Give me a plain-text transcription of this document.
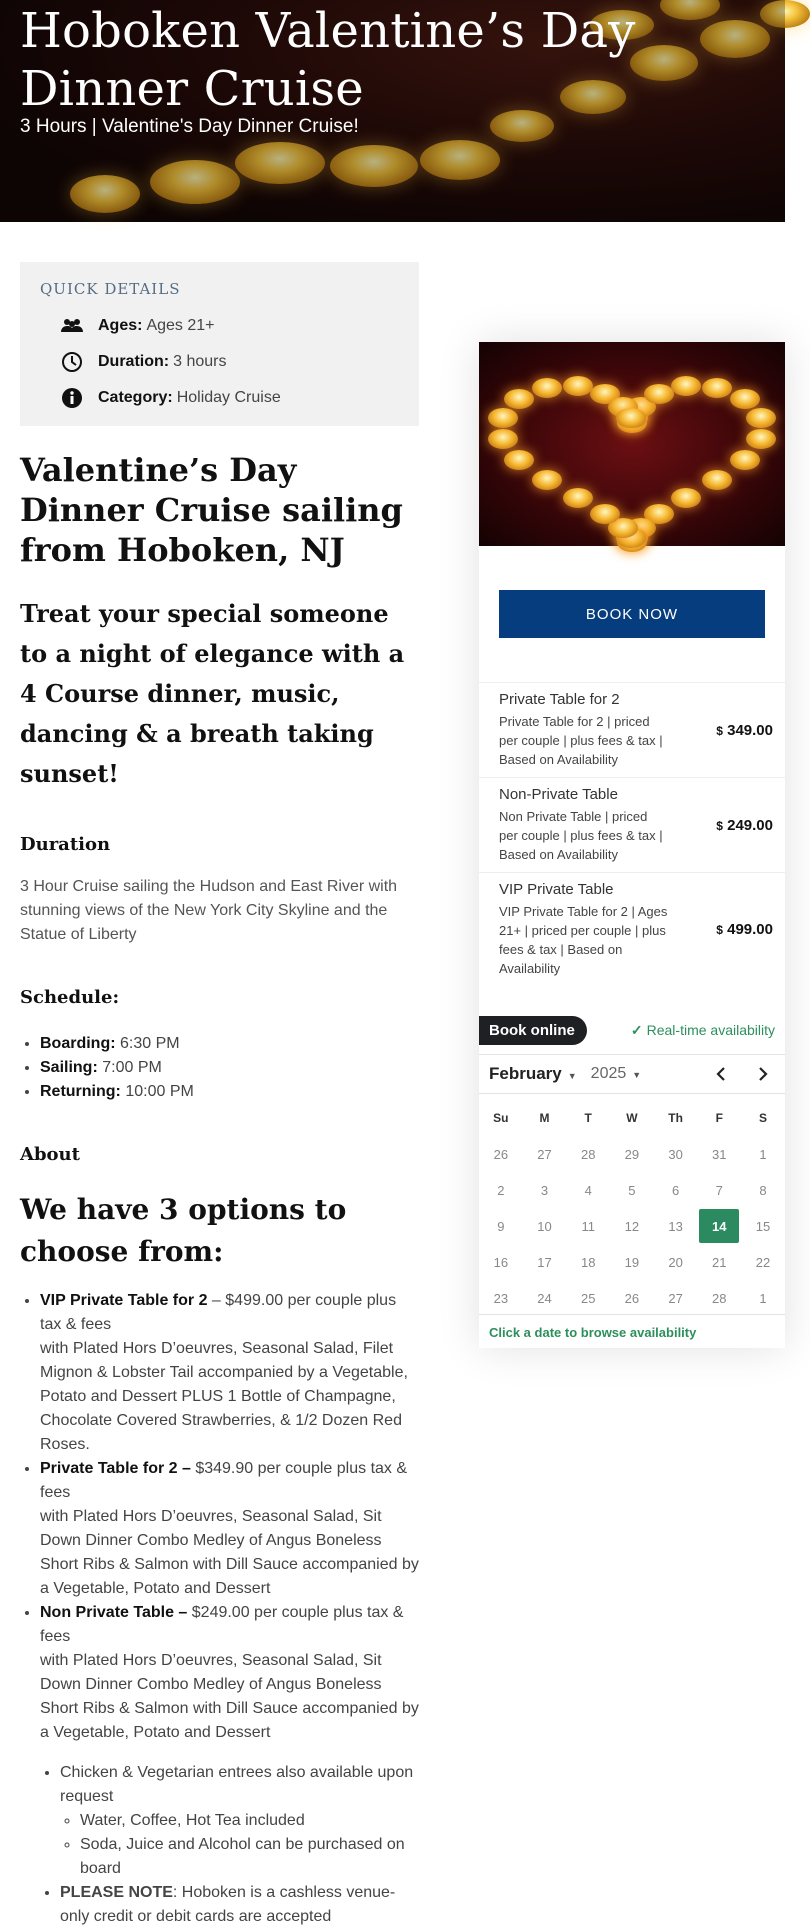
Hoboken Valentine’s Day Dinner Cruise
3 Hours | Valentine's Day Dinner Cruise!
QUICK DETAILS
Ages: Ages 21+
Duration: 3 hours
Category: Holiday Cruise
Valentine’s Day Dinner Cruise sailing from Hoboken, NJ
Treat your special someone to a night of elegance with a 4 Course dinner, music, dancing & a breath taking sunset!
Duration

3 Hour Cruise sailing the Hudson and East River with stunning views of the New York City Skyline and the Statue of Liberty

Schedule:
• Boarding: 6:30 PM
• Sailing: 7:00 PM
• Returning: 10:00 PM
About
We have 3 options to choose from:
• VIP Private Table for 2 – $499.00 per couple plus tax & fees
with Plated Hors D’oeuvres, Seasonal Salad, Filet Mignon & Lobster Tail accompanied by a Vegetable, Potato and Dessert PLUS 1 Bottle of Champagne, Chocolate Covered Strawberries, & 1/2 Dozen Red Roses.
• Private Table for 2 – $349.90 per couple plus tax & fees
with Plated Hors D’oeuvres, Seasonal Salad, Sit Down Dinner Combo Medley of Angus Boneless Short Ribs & Salmon with Dill Sauce accompanied by a Vegetable, Potato and Dessert
• Non Private Table – $249.00 per couple plus tax & fees
with Plated Hors D’oeuvres, Seasonal Salad, Sit Down Dinner Combo Medley of Angus Boneless Short Ribs & Salmon with Dill Sauce accompanied by a Vegetable, Potato and Dessert
• Chicken & Vegetarian entrees also available upon request
◦ Water, Coffee, Hot Tea included
◦ Soda, Juice and Alcohol can be purchased on board
• PLEASE NOTE: Hoboken is a cashless venue- only credit or debit cards are accepted
BOOK NOW
Private Table for 2
Private Table for 2 | priced per couple | plus fees & tax | Based on Availability
$ 349.00
Non-Private Table
Non Private Table | priced per couple | plus fees & tax | Based on Availability
$ 249.00
VIP Private Table
VIP Private Table for 2 | Ages 21+ | priced per couple | plus fees & tax | Based on Availability
$ 499.00
Book online	✓ Real-time availability
February ▼ 2025 ▼
Su	M	T	W	Th	F	S
26	27	28	29	30	31	1
2	3	4	5	6	7	8
9	10	11	12	13	14	15
16	17	18	19	20	21	22
23	24	25	26	27	28	1
Click a date to browse availability
